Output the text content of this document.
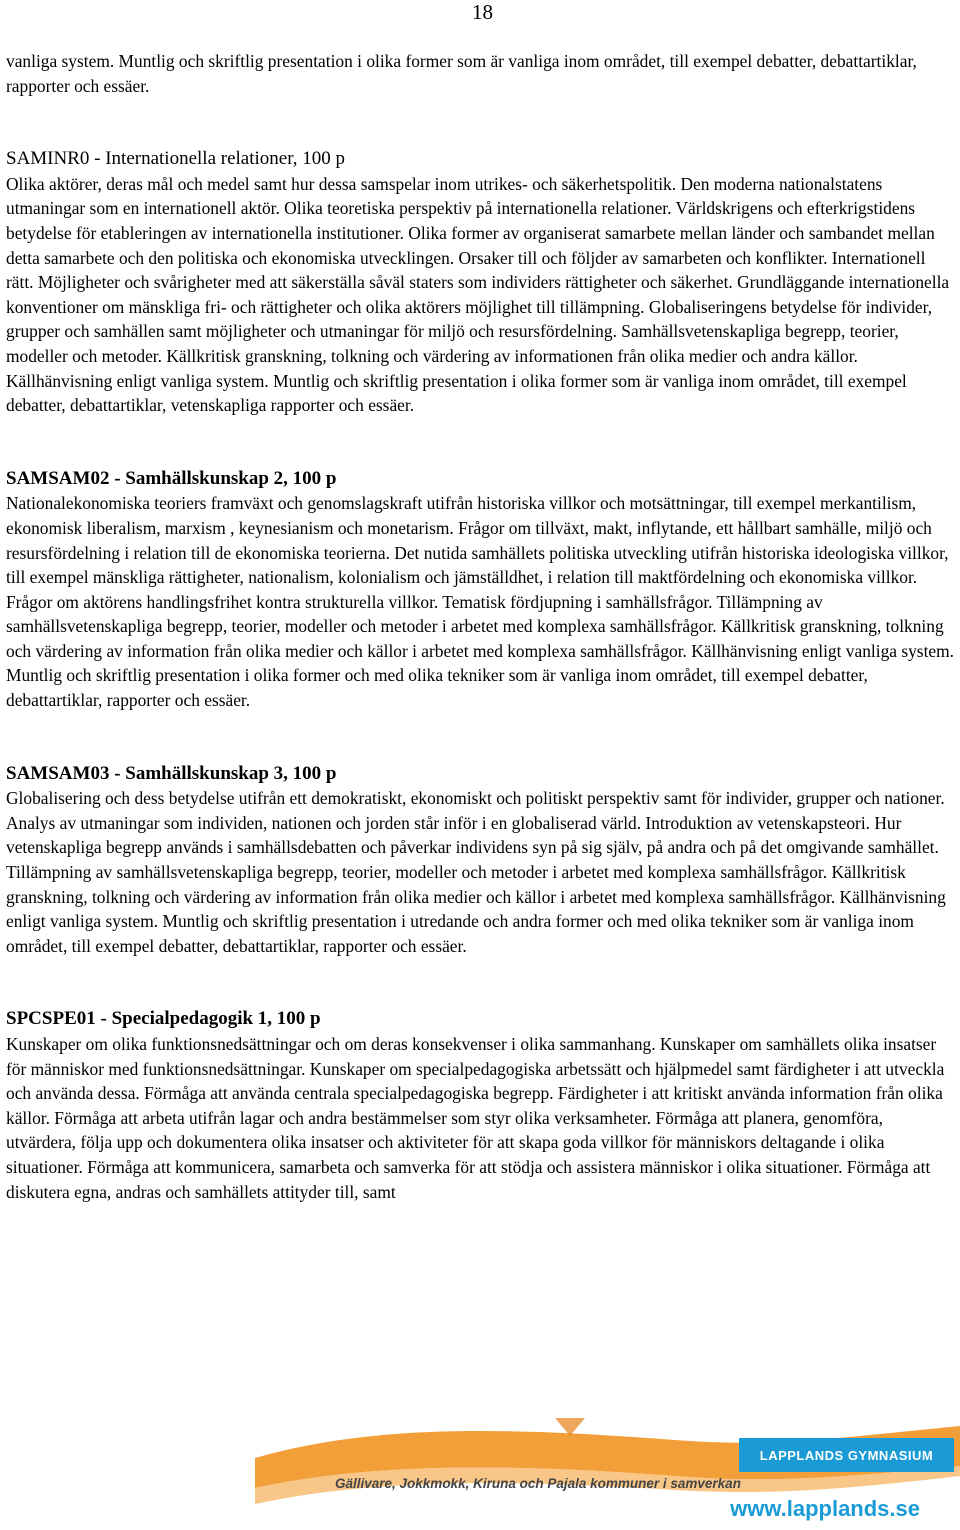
18

vanliga system. Muntlig och skriftlig presentation i olika former som är vanliga inom området, till exempel debatter, debattartiklar, rapporter och essäer.

SAMINR0 - Internationella relationer, 100 p

Olika aktörer, deras mål och medel samt hur dessa samspelar inom utrikes- och säkerhetspolitik. Den moderna nationalstatens utmaningar som en internationell aktör. Olika teoretiska perspektiv på internationella relationer. Världskrigens och efterkrigstidens betydelse för etableringen av internationella institutioner. Olika former av organiserat samarbete mellan länder och sambandet mellan detta samarbete och den politiska och ekonomiska utvecklingen. Orsaker till och följder av samarbeten och konflikter. Internationell rätt. Möjligheter och svårigheter med att säkerställa såväl staters som individers rättigheter och säkerhet. Grundläggande internationella konventioner om mänskliga fri- och rättigheter och olika aktörers möjlighet till tillämpning. Globaliseringens betydelse för individer, grupper och samhällen samt möjligheter och utmaningar för miljö och resursfördelning. Samhällsvetenskapliga begrepp, teorier, modeller och metoder. Källkritisk granskning, tolkning och värdering av informationen från olika medier och andra källor. Källhänvisning enligt vanliga system. Muntlig och skriftlig presentation i olika former som är vanliga inom området, till exempel debatter, debattartiklar, vetenskapliga rapporter och essäer.

SAMSAM02 - Samhällskunskap 2, 100 p

Nationalekonomiska teoriers framväxt och genomslagskraft utifrån historiska villkor och motsättningar, till exempel merkantilism, ekonomisk liberalism, marxism , keynesianism och monetarism. Frågor om tillväxt, makt, inflytande, ett hållbart samhälle, miljö och resursfördelning i relation till de ekonomiska teorierna. Det nutida samhällets politiska utveckling utifrån historiska ideologiska villkor, till exempel mänskliga rättigheter, nationalism, kolonialism och jämställdhet, i relation till maktfördelning och ekonomiska villkor. Frågor om aktörens handlingsfrihet kontra strukturella villkor. Tematisk fördjupning i samhällsfrågor. Tillämpning av samhällsvetenskapliga begrepp, teorier, modeller och metoder i arbetet med komplexa samhällsfrågor. Källkritisk granskning, tolkning och värdering av information från olika medier och källor i arbetet med komplexa samhällsfrågor. Källhänvisning enligt vanliga system. Muntlig och skriftlig presentation i olika former och med olika tekniker som är vanliga inom området, till exempel debatter, debattartiklar, rapporter och essäer.

SAMSAM03 - Samhällskunskap 3, 100 p

Globalisering och dess betydelse utifrån ett demokratiskt, ekonomiskt och politiskt perspektiv samt för individer, grupper och nationer. Analys av utmaningar som individen, nationen och jorden står inför i en globaliserad värld. Introduktion av vetenskapsteori. Hur vetenskapliga begrepp används i samhällsdebatten och påverkar individens syn på sig själv, på andra och på det omgivande samhället. Tillämpning av samhällsvetenskapliga begrepp, teorier, modeller och metoder i arbetet med komplexa samhällsfrågor. Källkritisk granskning, tolkning och värdering av information från olika medier och källor i arbetet med komplexa samhällsfrågor. Källhänvisning enligt vanliga system. Muntlig och skriftlig presentation i utredande och andra former och med olika tekniker som är vanliga inom området, till exempel debatter, debattartiklar, rapporter och essäer.

SPCSPE01 - Specialpedagogik 1, 100 p

Kunskaper om olika funktionsnedsättningar och om deras konsekvenser i olika sammanhang. Kunskaper om samhällets olika insatser för människor med funktionsnedsättningar. Kunskaper om specialpedagogiska arbetssätt och hjälpmedel samt färdigheter i att utveckla och använda dessa. Förmåga att använda centrala specialpedagogiska begrepp. Färdigheter i att kritiskt använda information från olika källor. Förmåga att arbeta utifrån lagar och andra bestämmelser som styr olika verksamheter. Förmåga att planera, genomföra, utvärdera, följa upp och dokumentera olika insatser och aktiviteter för att skapa goda villkor för människors deltagande i olika situationer. Förmåga att kommunicera, samarbeta och samverka för att stödja och assistera människor i olika situationer. Förmåga att diskutera egna, andras och samhällets attityder till, samt

LAPPLANDS GYMNASIUM
Gällivare, Jokkmokk, Kiruna och Pajala kommuner i samverkan
www.lapplands.se
